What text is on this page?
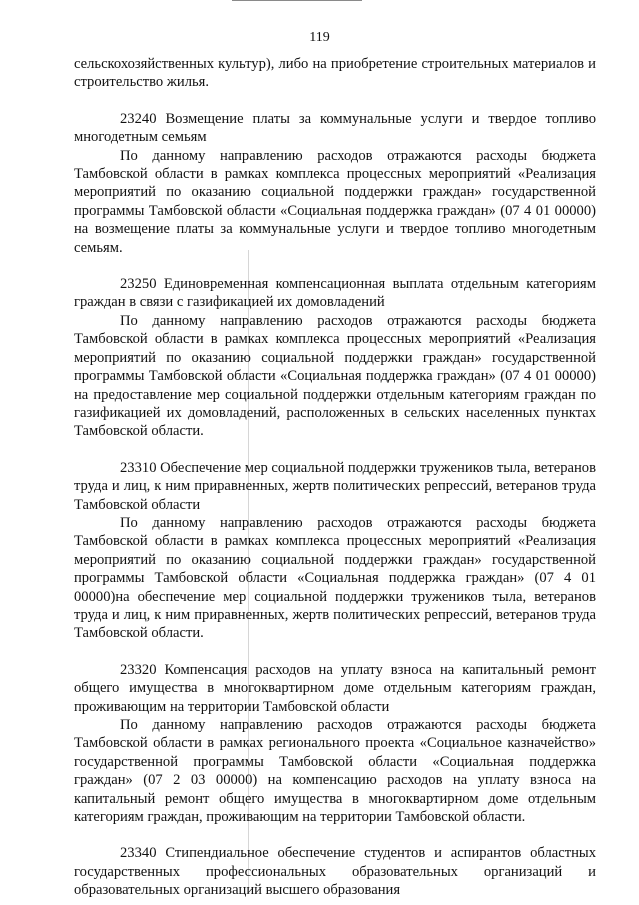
119

сельскохозяйственных культур), либо на приобретение строительных материалов и строительство жилья.

23240 Возмещение платы за коммунальные услуги и твердое топливо многодетным семьям

По данному направлению расходов отражаются расходы бюджета Тамбовской области в рамках комплекса процессных мероприятий «Реализация мероприятий по оказанию социальной поддержки граждан» государственной программы Тамбовской области «Социальная поддержка граждан» (07 4 01 00000) на возмещение платы за коммунальные услуги и твердое топливо многодетным семьям.

23250 Единовременная компенсационная выплата отдельным категориям граждан в связи с газификацией их домовладений

По данному направлению расходов отражаются расходы бюджета Тамбовской области в рамках комплекса процессных мероприятий «Реализация мероприятий по оказанию социальной поддержки граждан» государственной программы Тамбовской области «Социальная поддержка граждан» (07 4 01 00000) на предоставление мер социальной поддержки отдельным категориям граждан по газификацией их домовладений, расположенных в сельских населенных пунктах Тамбовской области.

23310 Обеспечение мер социальной поддержки тружеников тыла, ветеранов труда и лиц, к ним приравненных, жертв политических репрессий, ветеранов труда Тамбовской области

По данному направлению расходов отражаются расходы бюджета Тамбовской области в рамках комплекса процессных мероприятий «Реализация мероприятий по оказанию социальной поддержки граждан» государственной программы Тамбовской области «Социальная поддержка граждан» (07 4 01 00000)на обеспечение мер социальной поддержки тружеников тыла, ветеранов труда и лиц, к ним приравненных, жертв политических репрессий, ветеранов труда Тамбовской области.

23320 Компенсация расходов на уплату взноса на капитальный ремонт общего имущества в многоквартирном доме отдельным категориям граждан, проживающим на территории Тамбовской области

По данному направлению расходов отражаются расходы бюджета Тамбовской области в рамках регионального проекта «Социальное казначейство» государственной программы Тамбовской области «Социальная поддержка граждан» (07 2 03 00000) на компенсацию расходов на уплату взноса на капитальный ремонт общего имущества в многоквартирном доме отдельным категориям граждан, проживающим на территории Тамбовской области.

23340 Стипендиальное обеспечение студентов и аспирантов областных государственных профессиональных образовательных организаций и образовательных организаций высшего образования
